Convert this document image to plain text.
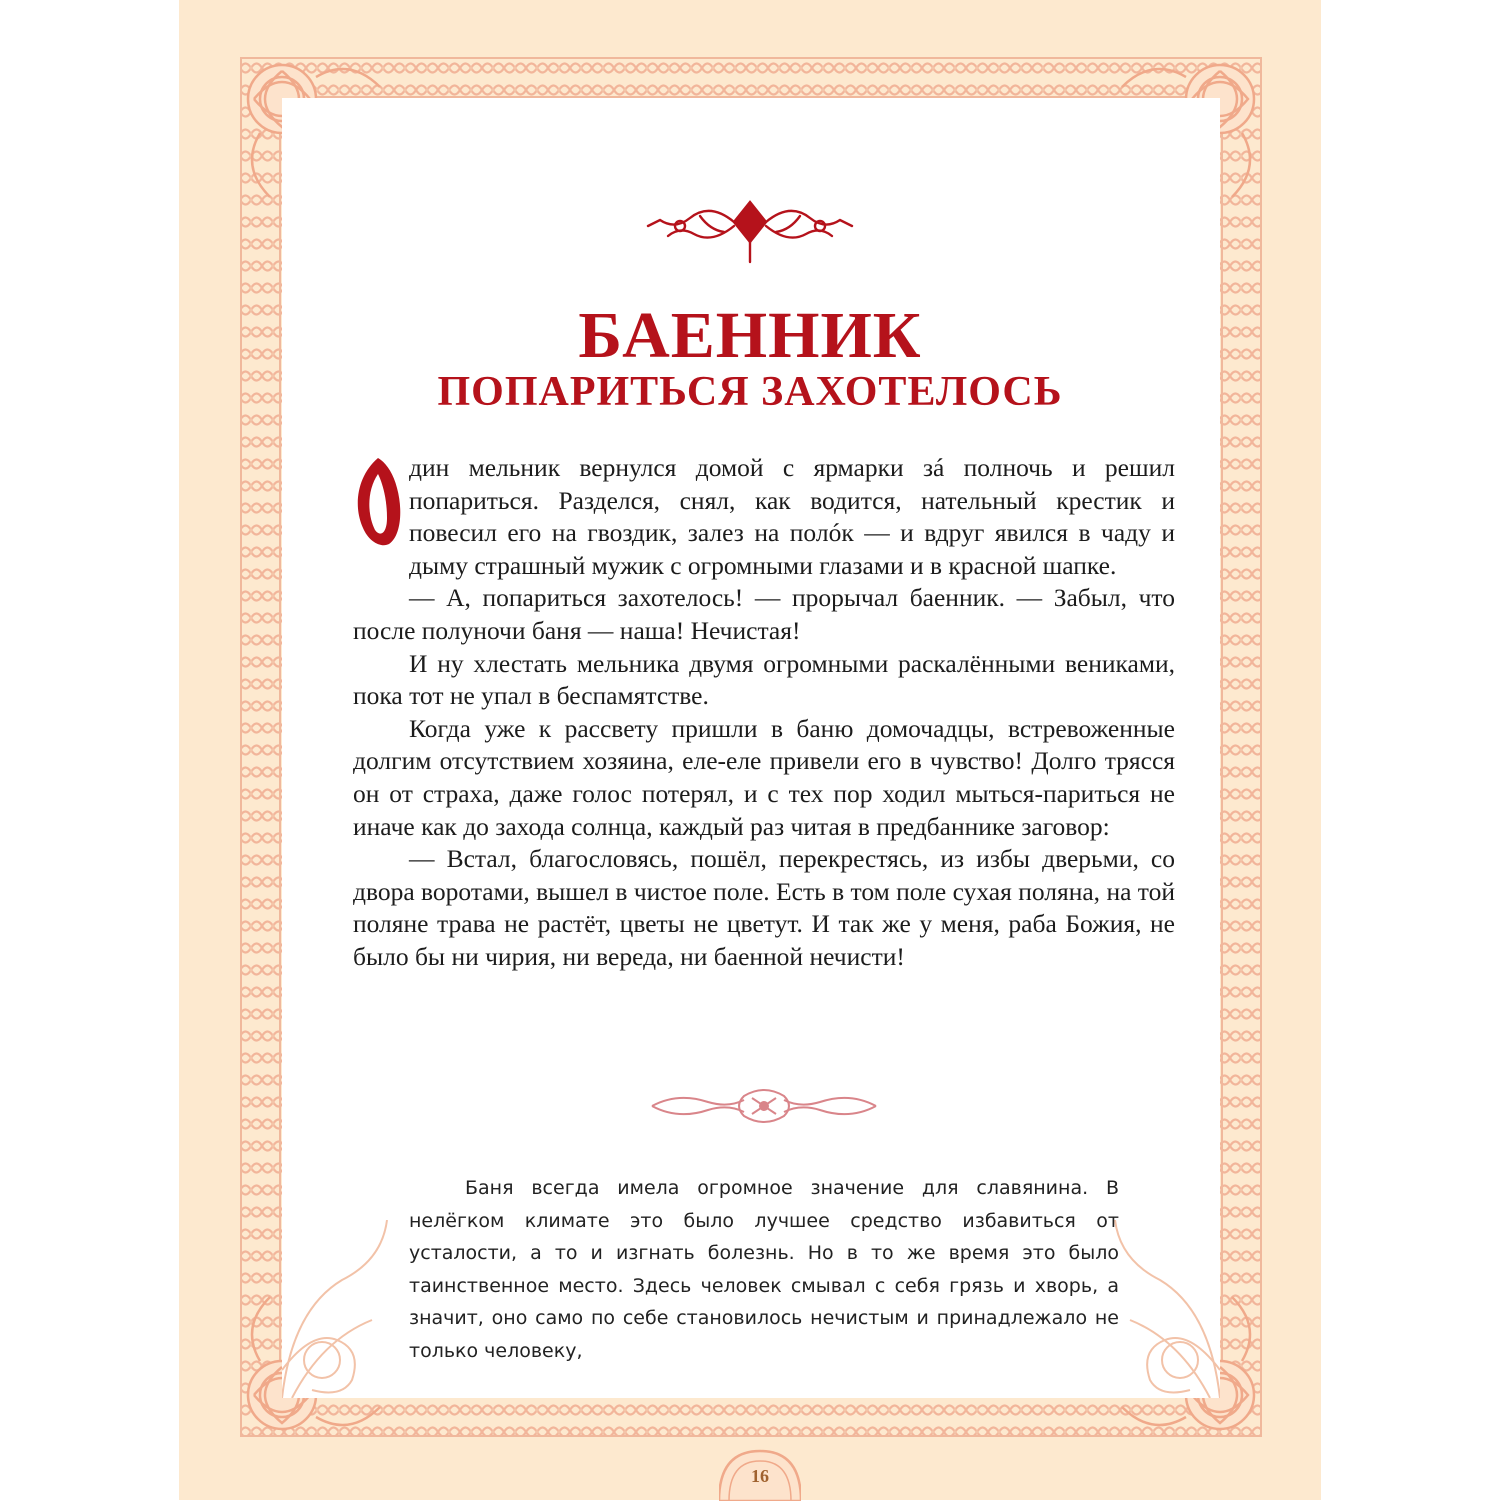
БАЕННИК
ПОПАРИТЬСЯ ЗАХОТЕЛОСЬ

дин мельник вернулся домой с ярмарки зá полночь и решил попариться. Разделся, снял, как водится, нательный крестик и повесил его на гвоздик, залез на полóк — и вдруг явился в чаду и дыму страшный мужик с огромными глазами и в красной шапке.

— А, попариться захотелось! — прорычал баенник. — Забыл, что после полуночи баня — наша! Нечистая!

И ну хлестать мельника двумя огромными раскалёнными вениками, пока тот не упал в беспамятстве.

Когда уже к рассвету пришли в баню домочадцы, встревоженные долгим отсутствием хозяина, еле-еле привели его в чувство! Долго трясся он от страха, даже голос потерял, и с тех пор ходил мыться-париться не иначе как до захода солнца, каждый раз читая в предбаннике заговор:

— Встал, благословясь, пошёл, перекрестясь, из избы дверьми, со двора воротами, вышел в чистое поле. Есть в том поле сухая поляна, на той поляне трава не растёт, цветы не цветут. И так же у меня, раба Божия, не было бы ни чирия, ни вереда, ни баенной нечисти!

Баня всегда имела огромное значение для славянина. В нелёгком климате это было лучшее средство избавиться от усталости, а то и изгнать болезнь. Но в то же время это было таинственное место. Здесь человек смывал с себя грязь и хворь, а значит, оно само по себе становилось нечистым и принадлежало не только человеку,

16
